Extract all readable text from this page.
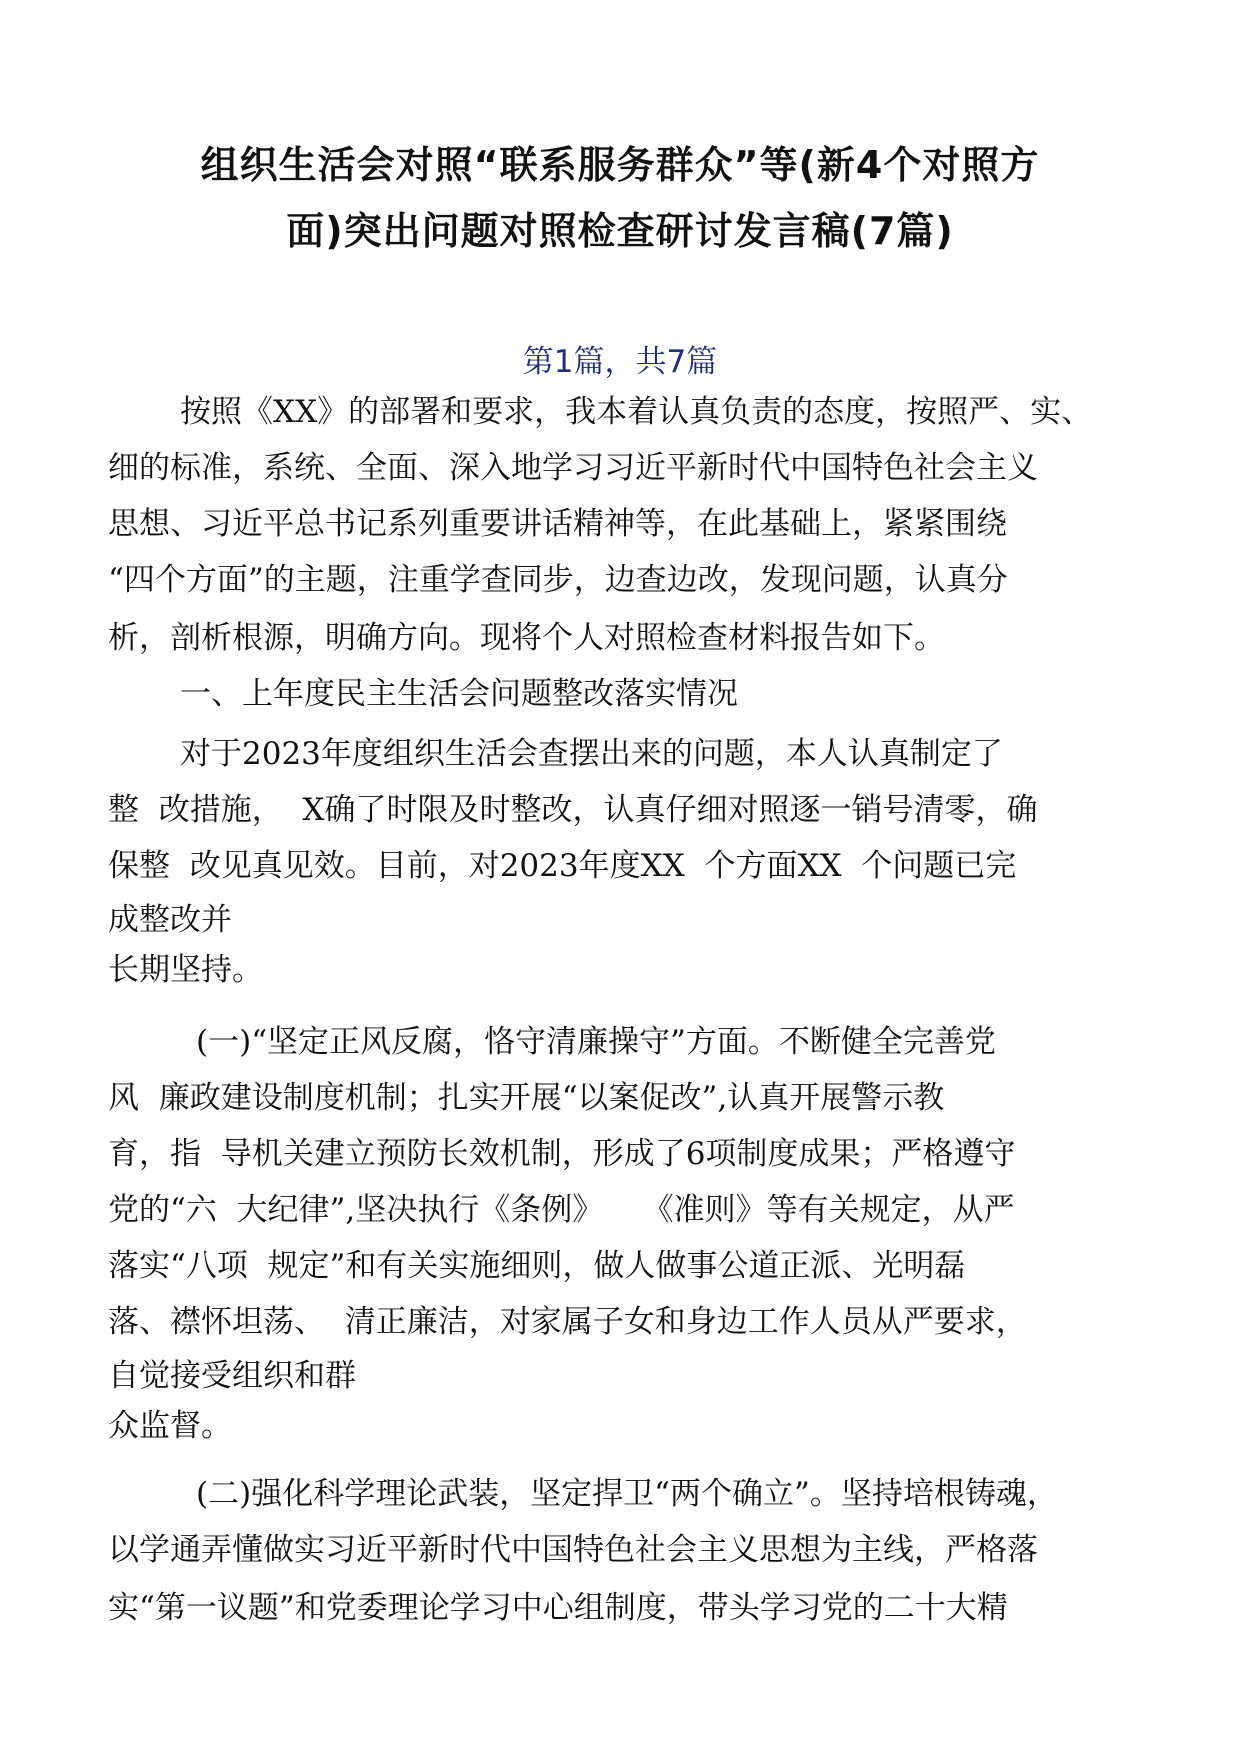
组织生活会对照“联系服务群众”等(新4个对照方
面)突出问题对照检查研讨发言稿(7篇)
第1篇，共7篇
按照《XX》的部署和要求，我本着认真负责的态度，按照严、实、
细的标准，系统、全面、深入地学习习近平新时代中国特色社会主义
思想、习近平总书记系列重要讲话精神等，在此基础上，紧紧围绕
“四个方面”的主题，注重学查同步，边查边改，发现问题，认真分
析，剖析根源，明确方向。现将个人对照检查材料报告如下。
一、上年度民主生活会问题整改落实情况
对于2023年度组织生活会查摆出来的问题，本人认真制定了
整  改措施，  X确了时限及时整改，认真仔细对照逐一销号清零，确
保整  改见真见效。目前，对2023年度XX  个方面XX  个问题已完
成整改并
长期坚持。
(一)“坚定正风反腐，恪守清廉操守”方面。不断健全完善党
风  廉政建设制度机制；扎实开展“以案促改”,认真开展警示教
育，指  导机关建立预防长效机制，形成了6项制度成果；严格遵守
党的“六  大纪律”,坚决执行《条例》    《准则》等有关规定，从严
落实“八项  规定”和有关实施细则，做人做事公道正派、光明磊
落、襟怀坦荡、  清正廉洁，对家属子女和身边工作人员从严要求，
自觉接受组织和群
众监督。
(二)强化科学理论武装，坚定捍卫“两个确立”。坚持培根铸魂，
以学通弄懂做实习近平新时代中国特色社会主义思想为主线，严格落
实“第一议题”和党委理论学习中心组制度，带头学习党的二十大精
